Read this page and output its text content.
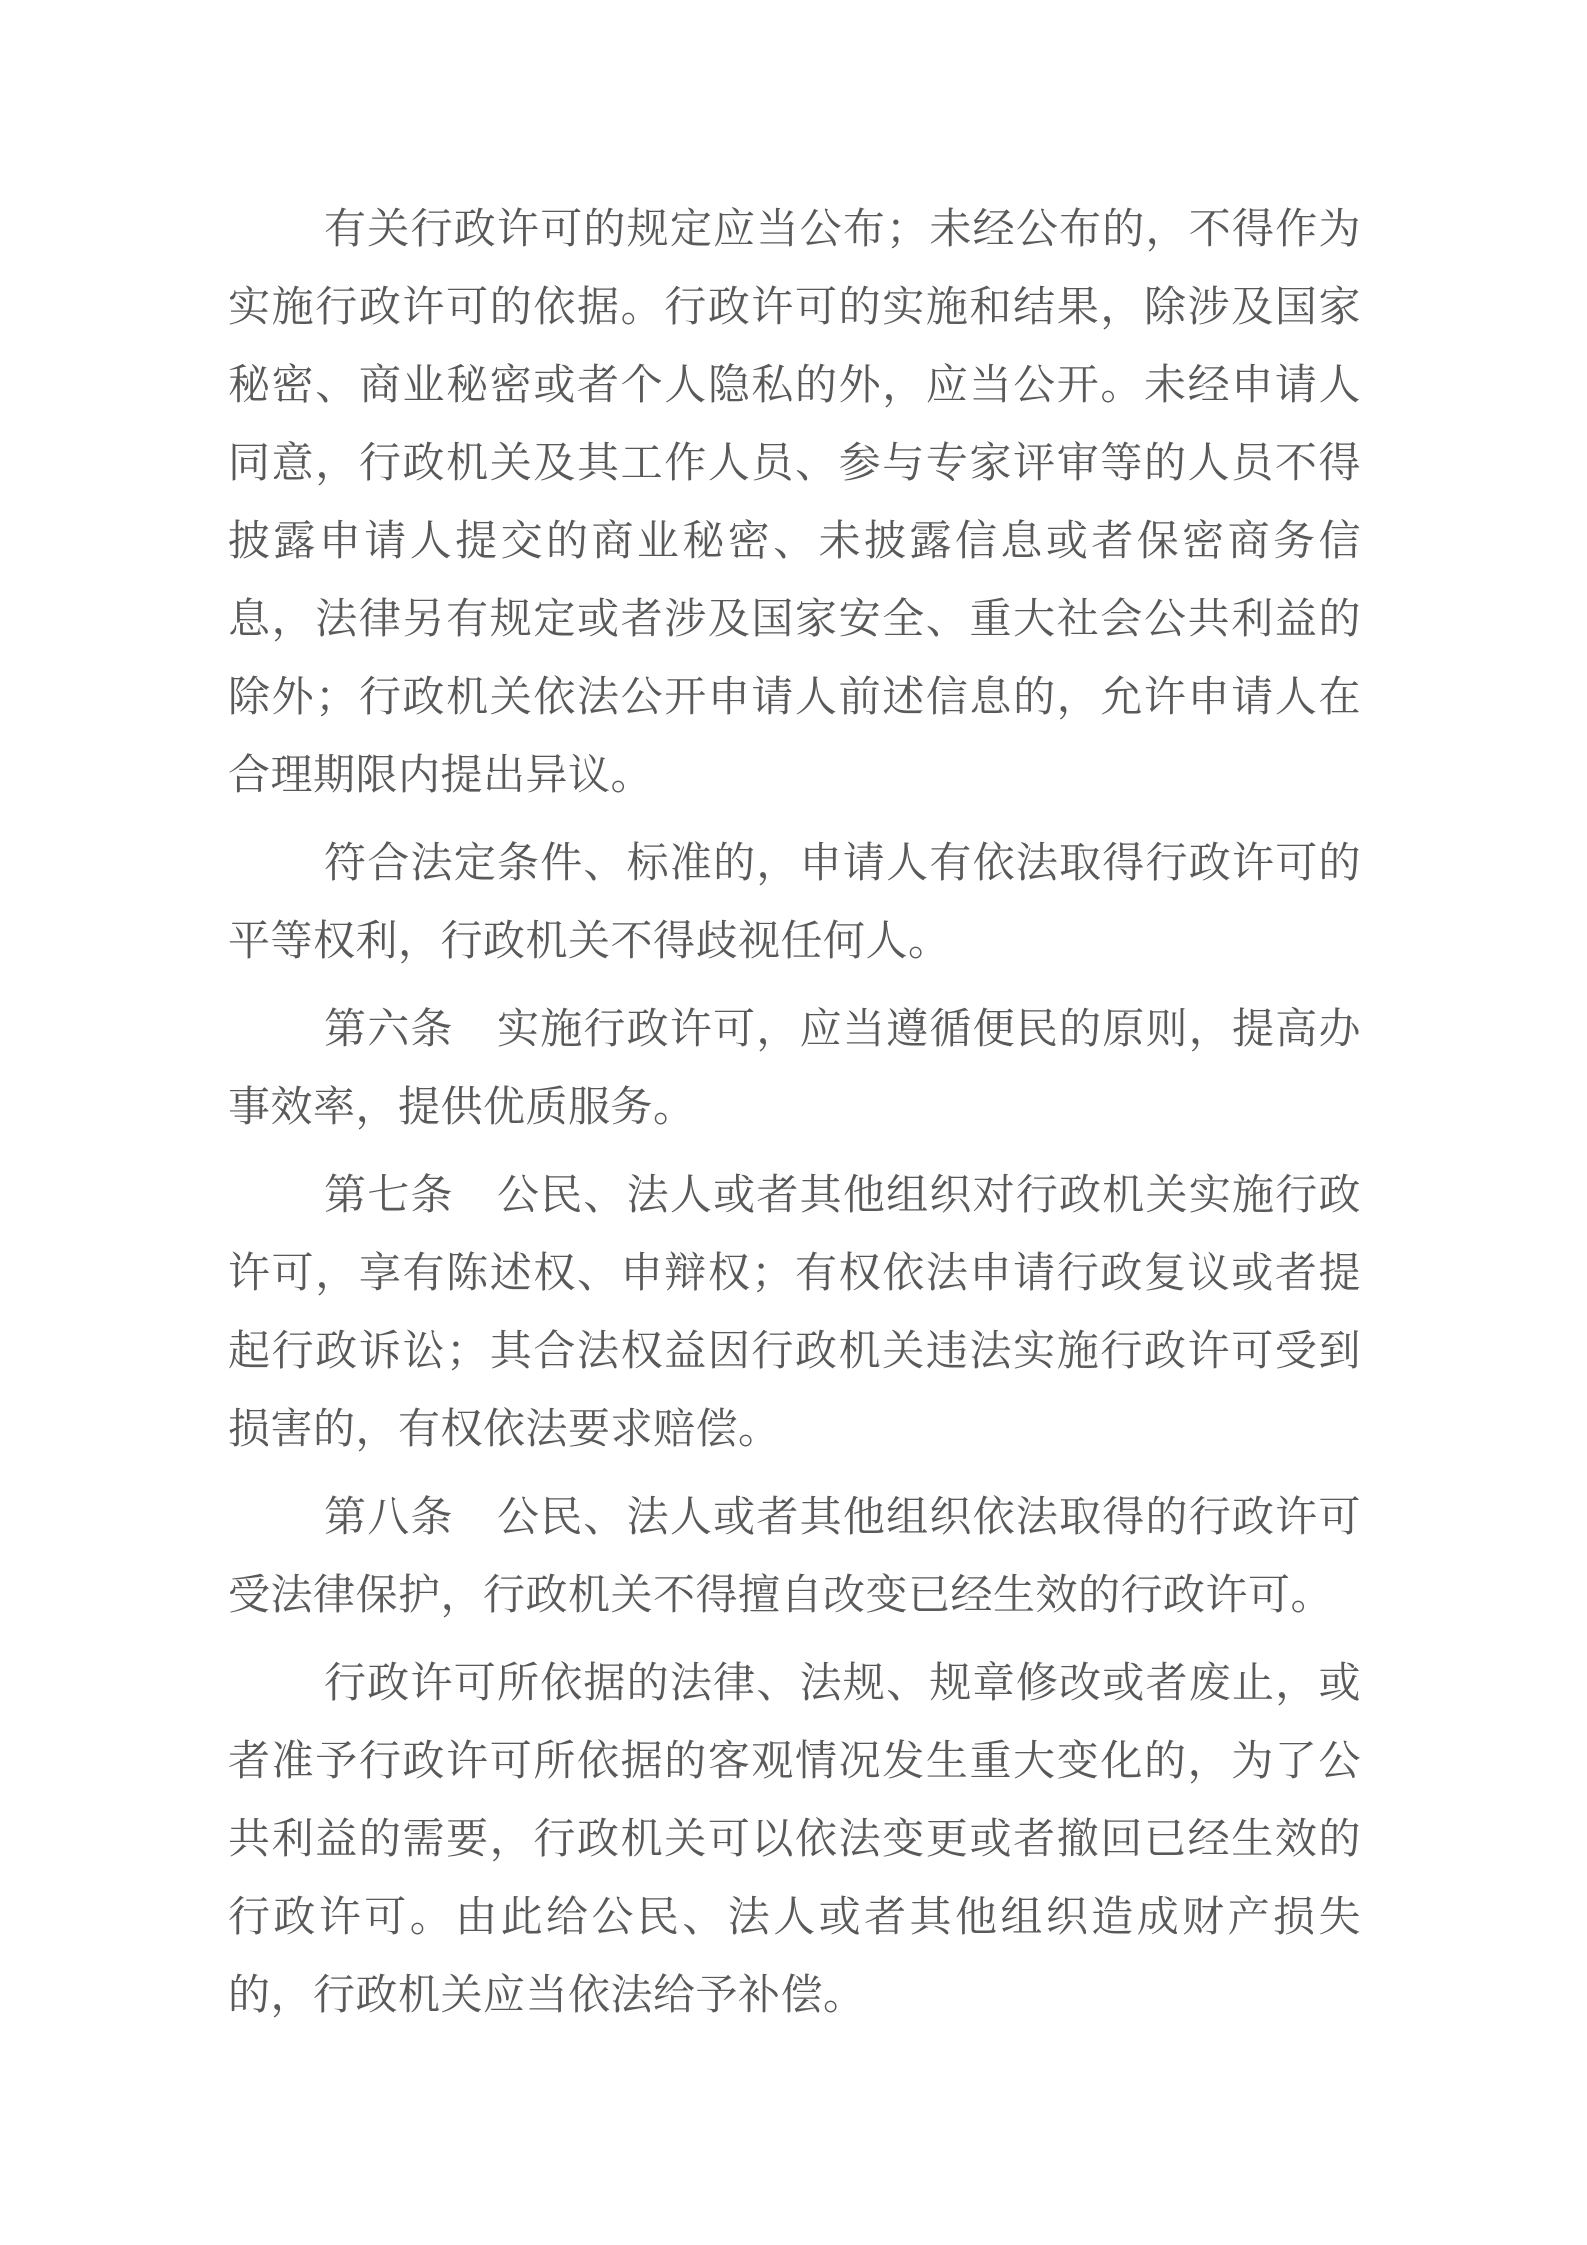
有关行政许可的规定应当公布；未经公布的，不得作为实施行政许可的依据。行政许可的实施和结果，除涉及国家秘密、商业秘密或者个人隐私的外，应当公开。未经申请人同意，行政机关及其工作人员、参与专家评审等的人员不得披露申请人提交的商业秘密、未披露信息或者保密商务信息，法律另有规定或者涉及国家安全、重大社会公共利益的除外；行政机关依法公开申请人前述信息的，允许申请人在合理期限内提出异议。

符合法定条件、标准的，申请人有依法取得行政许可的平等权利，行政机关不得歧视任何人。

第六条　实施行政许可，应当遵循便民的原则，提高办事效率，提供优质服务。

第七条　公民、法人或者其他组织对行政机关实施行政许可，享有陈述权、申辩权；有权依法申请行政复议或者提起行政诉讼；其合法权益因行政机关违法实施行政许可受到损害的，有权依法要求赔偿。

第八条　公民、法人或者其他组织依法取得的行政许可受法律保护，行政机关不得擅自改变已经生效的行政许可。

行政许可所依据的法律、法规、规章修改或者废止，或者准予行政许可所依据的客观情况发生重大变化的，为了公共利益的需要，行政机关可以依法变更或者撤回已经生效的行政许可。由此给公民、法人或者其他组织造成财产损失的，行政机关应当依法给予补偿。
